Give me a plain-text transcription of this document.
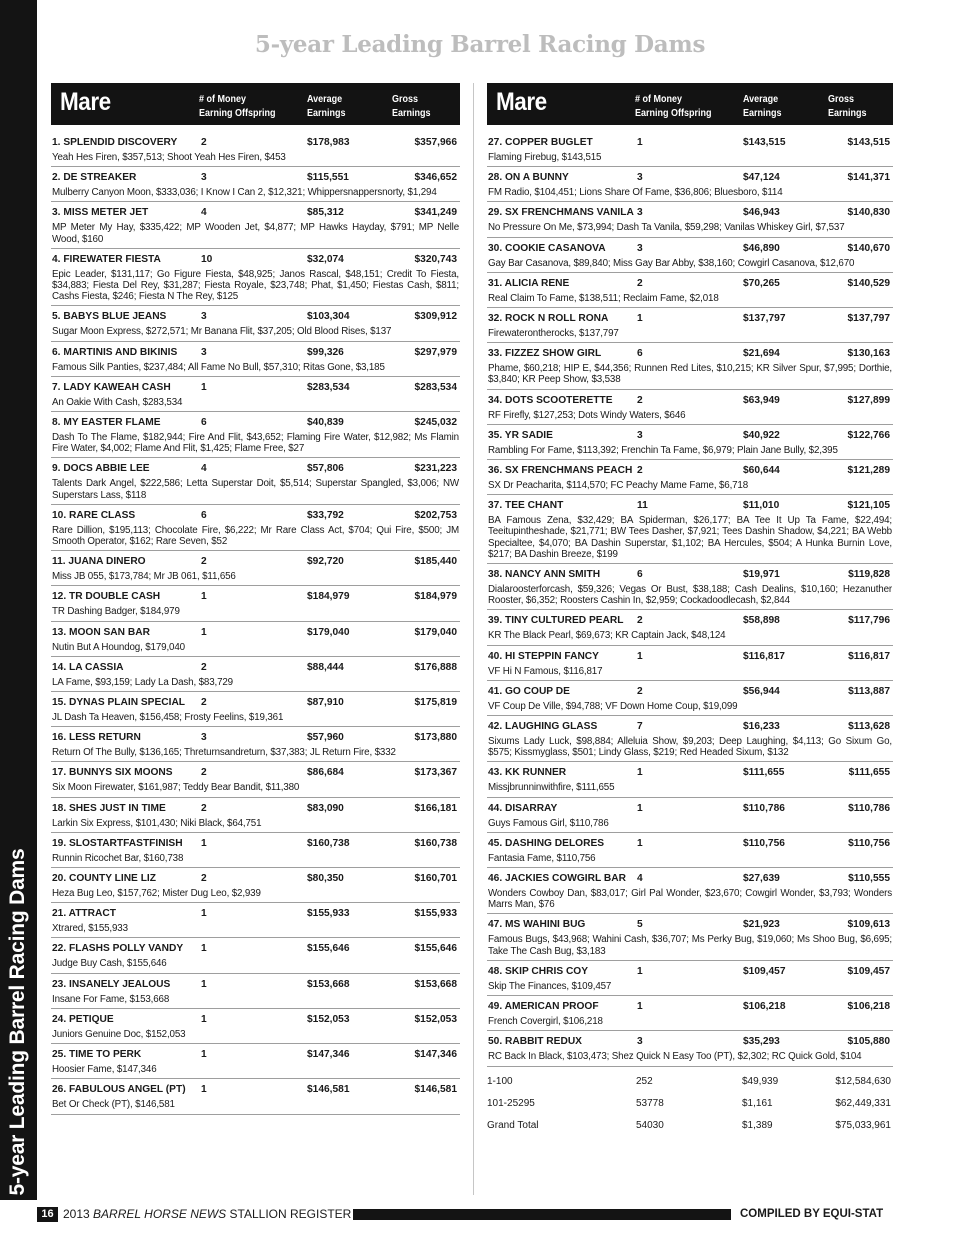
5-year Leading Barrel Racing Dams
5-year Leading Barrel Racing Dams
Mare	# of Money
Earning Offspring
Average
Earnings
Gross
Earnings
1. SPLENDID DISCOVERY 2	$178,983	$357,966
Yeah Hes Firen, $357,513; Shoot Yeah Hes Firen, $453
2. DE STREAKER	3	$115,551	$346,652
Mulberry Canyon Moon, $333,036; I Know I Can 2, $12,321; Whippersnappersnorty, $1,294
3. MISS METER JET	4	$85,312	$341,249
MP Meter My Hay, $335,422; MP Wooden Jet, $4,877; MP Hawks Hayday, $791; MP Nelle Wood, $160
4. FIREWATER FIESTA	10	$32,074	$320,743
Epic Leader, $131,117; Go Figure Fiesta, $48,925; Janos Rascal, $48,151; Credit To Fiesta, $34,883; Fiesta Del Rey, $31,287; Fiesta Royale, $23,748; Phat, $1,450; Fiestas Cash, $811; Cashs Fiesta, $246; Fiesta N The Rey, $125
5. BABYS BLUE JEANS	3	$103,304	$309,912
Sugar Moon Express, $272,571; Mr Banana Flit, $37,205; Old Blood Rises, $137
6. MARTINIS AND BIKINIS 3	$99,326	$297,979
Famous Silk Panties, $237,484; All Fame No Bull, $57,310; Ritas Gone, $3,185
7. LADY KAWEAH CASH	1	$283,534	$283,534
An Oakie With Cash, $283,534
8. MY EASTER FLAME	6	$40,839	$245,032
Dash To The Flame, $182,944; Fire And Flit, $43,652; Flaming Fire Water, $12,982; Ms Flamin Fire Water, $4,002; Flame And Flit, $1,425; Flame Free, $27
9. DOCS ABBIE LEE	4	$57,806	$231,223
Talents Dark Angel, $222,586; Letta Superstar Doit, $5,514; Superstar Spangled, $3,006; NW Superstars Lass, $118
10. RARE CLASS	6	$33,792	$202,753
Rare Dillion, $195,113; Chocolate Fire, $6,222; Mr Rare Class Act, $704; Qui Fire, $500; JM Smooth Operator, $162; Rare Seven, $52
11. JUANA DINERO	2	$92,720	$185,440
Miss JB 055, $173,784; Mr JB 061, $11,656
12. TR DOUBLE CASH	1	$184,979	$184,979
TR Dashing Badger, $184,979
13. MOON SAN BAR	1	$179,040	$179,040
Nutin But A Houndog, $179,040
14. LA CASSIA	2	$88,444	$176,888
LA Fame, $93,159; Lady La Dash, $83,729
15. DYNAS PLAIN SPECIAL 2	$87,910	$175,819
JL Dash Ta Heaven, $156,458; Frosty Feelins, $19,361
16. LESS RETURN	3	$57,960	$173,880
Return Of The Bully, $136,165; Threturnsandreturn, $37,383; JL Return Fire, $332
17. BUNNYS SIX MOONS	2	$86,684	$173,367
Six Moon Firewater, $161,987; Teddy Bear Bandit, $11,380
18. SHES JUST IN TIME	2	$83,090	$166,181
Larkin Six Express, $101,430; Niki Black, $64,751
19. SLOSTARTFASTFINISH 1	$160,738	$160,738
Runnin Ricochet Bar, $160,738
20. COUNTY LINE LIZ	2	$80,350	$160,701
Heza Bug Leo, $157,762; Mister Dug Leo, $2,939
21. ATTRACT	1	$155,933	$155,933
Xtrared, $155,933
22. FLASHS POLLY VANDY 1	$155,646	$155,646
Judge Buy Cash, $155,646
23. INSANELY JEALOUS	1	$153,668	$153,668
Insane For Fame, $153,668
24. PETIQUE	1	$152,053	$152,053
Juniors Genuine Doc, $152,053
25. TIME TO PERK	1	$147,346	$147,346
Hoosier Fame, $147,346
26. FABULOUS ANGEL (PT) 1	$146,581	$146,581
Bet Or Check (PT), $146,581
Mare	# of Money
Earning Offspring
Average
Earnings
Gross
Earnings
27. COPPER BUGLET	1	$143,515	$143,515
Flaming Firebug, $143,515
28. ON A BUNNY	3	$47,124	$141,371
FM Radio, $104,451; Lions Share Of Fame, $36,806; Bluesboro, $114
29. SX FRENCHMANS VANILA 3	$46,943	$140,830
No Pressure On Me, $73,994; Dash Ta Vanila, $59,298; Vanilas Whiskey Girl, $7,537
30. COOKIE CASANOVA	3	$46,890	$140,670
Gay Bar Casanova, $89,840; Miss Gay Bar Abby, $38,160; Cowgirl Casanova, $12,670
31. ALICIA RENE	2	$70,265	$140,529
Real Claim To Fame, $138,511; Reclaim Fame, $2,018
32. ROCK N ROLL RONA	1	$137,797	$137,797
Firewaterontherocks, $137,797
33. FIZZEZ SHOW GIRL	6	$21,694	$130,163
Phame, $60,218; HIP E, $44,356; Runnen Red Lites, $10,215; KR Silver Spur, $7,995; Dorthie, $3,840; KR Peep Show, $3,538
34. DOTS SCOOTERETTE 2	$63,949	$127,899
RF Firefly, $127,253; Dots Windy Waters, $646
35. YR SADIE	3	$40,922	$122,766
Rambling For Fame, $113,392; Frenchin Ta Fame, $6,979; Plain Jane Bully, $2,395
36. SX FRENCHMANS PEACH 2	$60,644	$121,289
SX Dr Peacharita, $114,570; FC Peachy Mame Fame, $6,718
37. TEE CHANT	11	$11,010	$121,105
BA Famous Zena, $32,429; BA Spiderman, $26,177; BA Tee It Up Ta Fame, $22,494; Teeitupintheshade, $21,771; BW Tees Dasher, $7,921; Tees Dashin Shadow, $4,221; BA Webb Specialtee, $4,070; BA Dashin Superstar, $1,102; BA Hercules, $504; A Hunka Burnin Love, $217; BA Dashin Breeze, $199
38. NANCY ANN SMITH	6	$19,971	$119,828
Dialaroosterforcash, $59,326; Vegas Or Bust, $38,188; Cash Dealins, $10,160; Hezanuther Rooster, $6,352; Roosters Cashin In, $2,959; Cockadoodlecash, $2,844
39. TINY CULTURED PEARL 2	$58,898	$117,796
KR The Black Pearl, $69,673; KR Captain Jack, $48,124
40. HI STEPPIN FANCY	1	$116,817	$116,817
VF Hi N Famous, $116,817
41. GO COUP DE	2	$56,944	$113,887
VF Coup De Ville, $94,788; VF Down Home Coup, $19,099
42. LAUGHING GLASS	7	$16,233	$113,628
Sixums Lady Luck, $98,884; Alleluia Show, $9,203; Deep Laughing, $4,113; Go Sixum Go, $575; Kissmyglass, $501; Lindy Glass, $219; Red Headed Sixum, $132
43. KK RUNNER	1	$111,655	$111,655
Missjbrunninwithfire, $111,655
44. DISARRAY	1	$110,786	$110,786
Guys Famous Girl, $110,786
45. DASHING DELORES	1	$110,756	$110,756
Fantasia Fame, $110,756
46. JACKIES COWGIRL BAR 4	$27,639	$110,555
Wonders Cowboy Dan, $83,017; Girl Pal Wonder, $23,670; Cowgirl Wonder, $3,793; Wonders Marrs Man, $76
47. MS WAHINI BUG	5	$21,923	$109,613
Famous Bugs, $43,968; Wahini Cash, $36,707; Ms Perky Bug, $19,060; Ms Shoo Bug, $6,695; Take The Cash Bug, $3,183
48. SKIP CHRIS COY	1	$109,457	$109,457
Skip The Finances, $109,457
49. AMERICAN PROOF	1	$106,218	$106,218
French Covergirl, $106,218
50. RABBIT REDUX	3	$35,293	$105,880
RC Back In Black, $103,473; Shez Quick N Easy Too (PT), $2,302; RC Quick Gold, $104
1-100	252	$49,939	$12,584,630
101-25295	53778	$1,161	$62,449,331
Grand Total	54030	$1,389	$75,033,961
16 2013 BARREL HORSE NEWS STALLION REGISTER	COMPILED BY EQUI-STAT
